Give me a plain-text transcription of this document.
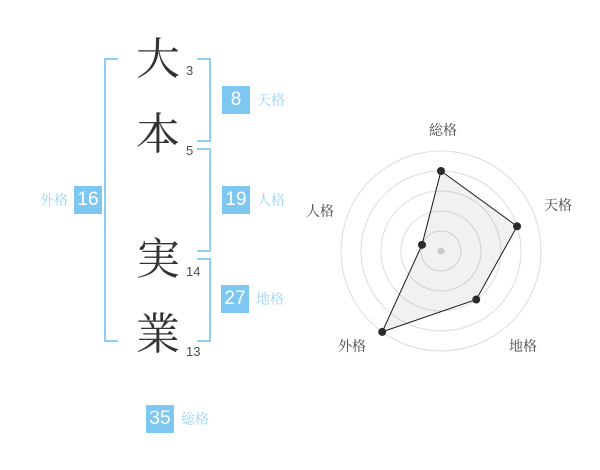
大
本
実
業
3
5
14
13
8	天格
19 人格
27 地格
16
外格
35 総格
総格
天格
地格
外格
人格
